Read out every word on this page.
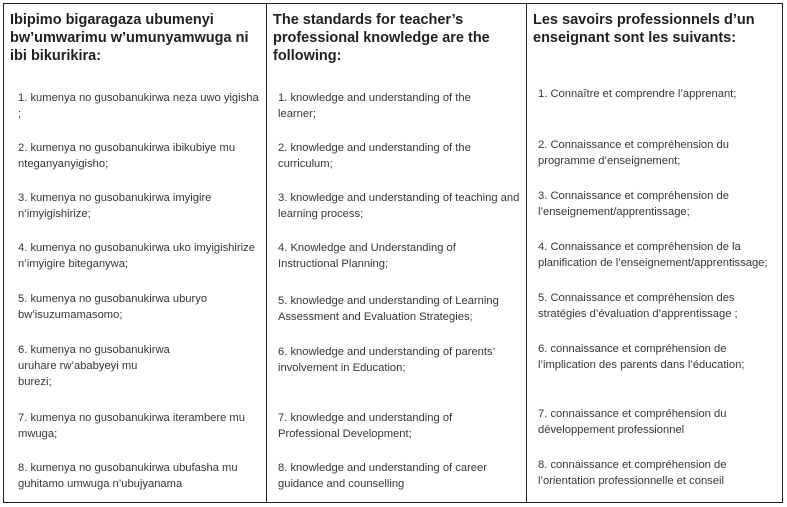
Ibipimo bigaragaza ubumenyi bw’umwarimu w’umunyamwuga ni ibi bikurikira:
1. kumenya no gusobanukirwa neza uwo yigisha ;
2. kumenya no gusobanukirwa ibikubiye mu nteganyanyigisho;
3. kumenya no gusobanukirwa imyigire n’imyigishirize;
4. kumenya no gusobanukirwa uko imyigishirize n’imyigire biteganywa;
5. kumenya no gusobanukirwa uburyo bw’isuzumamasomo;
6. kumenya no gusobanukirwa uruhare rw’ababyeyi mu
burezi;
7. kumenya no gusobanukirwa iterambere mu mwuga;
8. kumenya no gusobanukirwa ubufasha mu guhitamo umwuga n’ubujyanama
The standards for teacher’s professional knowledge are the following:
1. knowledge and understanding of the learner;
2. knowledge and understanding of the curriculum;
3. knowledge and understanding of teaching and learning process;
4. Knowledge and Understanding of Instructional Planning;
5. knowledge and understanding of Learning Assessment and Evaluation Strategies;
6. knowledge and understanding of parents’ involvement in Education;
7. knowledge and understanding of Professional Development;
8. knowledge and understanding of career guidance and counselling
Les savoirs professionnels d’un enseignant sont les suivants:
1. Connaître et comprendre l’apprenant;
2. Connaissance et compréhension du programme d’enseignement;
3. Connaissance et compréhension de l’enseignement/apprentissage;
4. Connaissance et compréhension de la planification de l’enseignement/apprentissage;
5. Connaissance et compréhension des stratégies d’évaluation d’apprentissage ;
6. connaissance et compréhension de l’implication des parents dans l’éducation;
7. connaissance et compréhension du développement professionnel
8. connaissance et compréhension de l’orientation professionnelle et conseil
